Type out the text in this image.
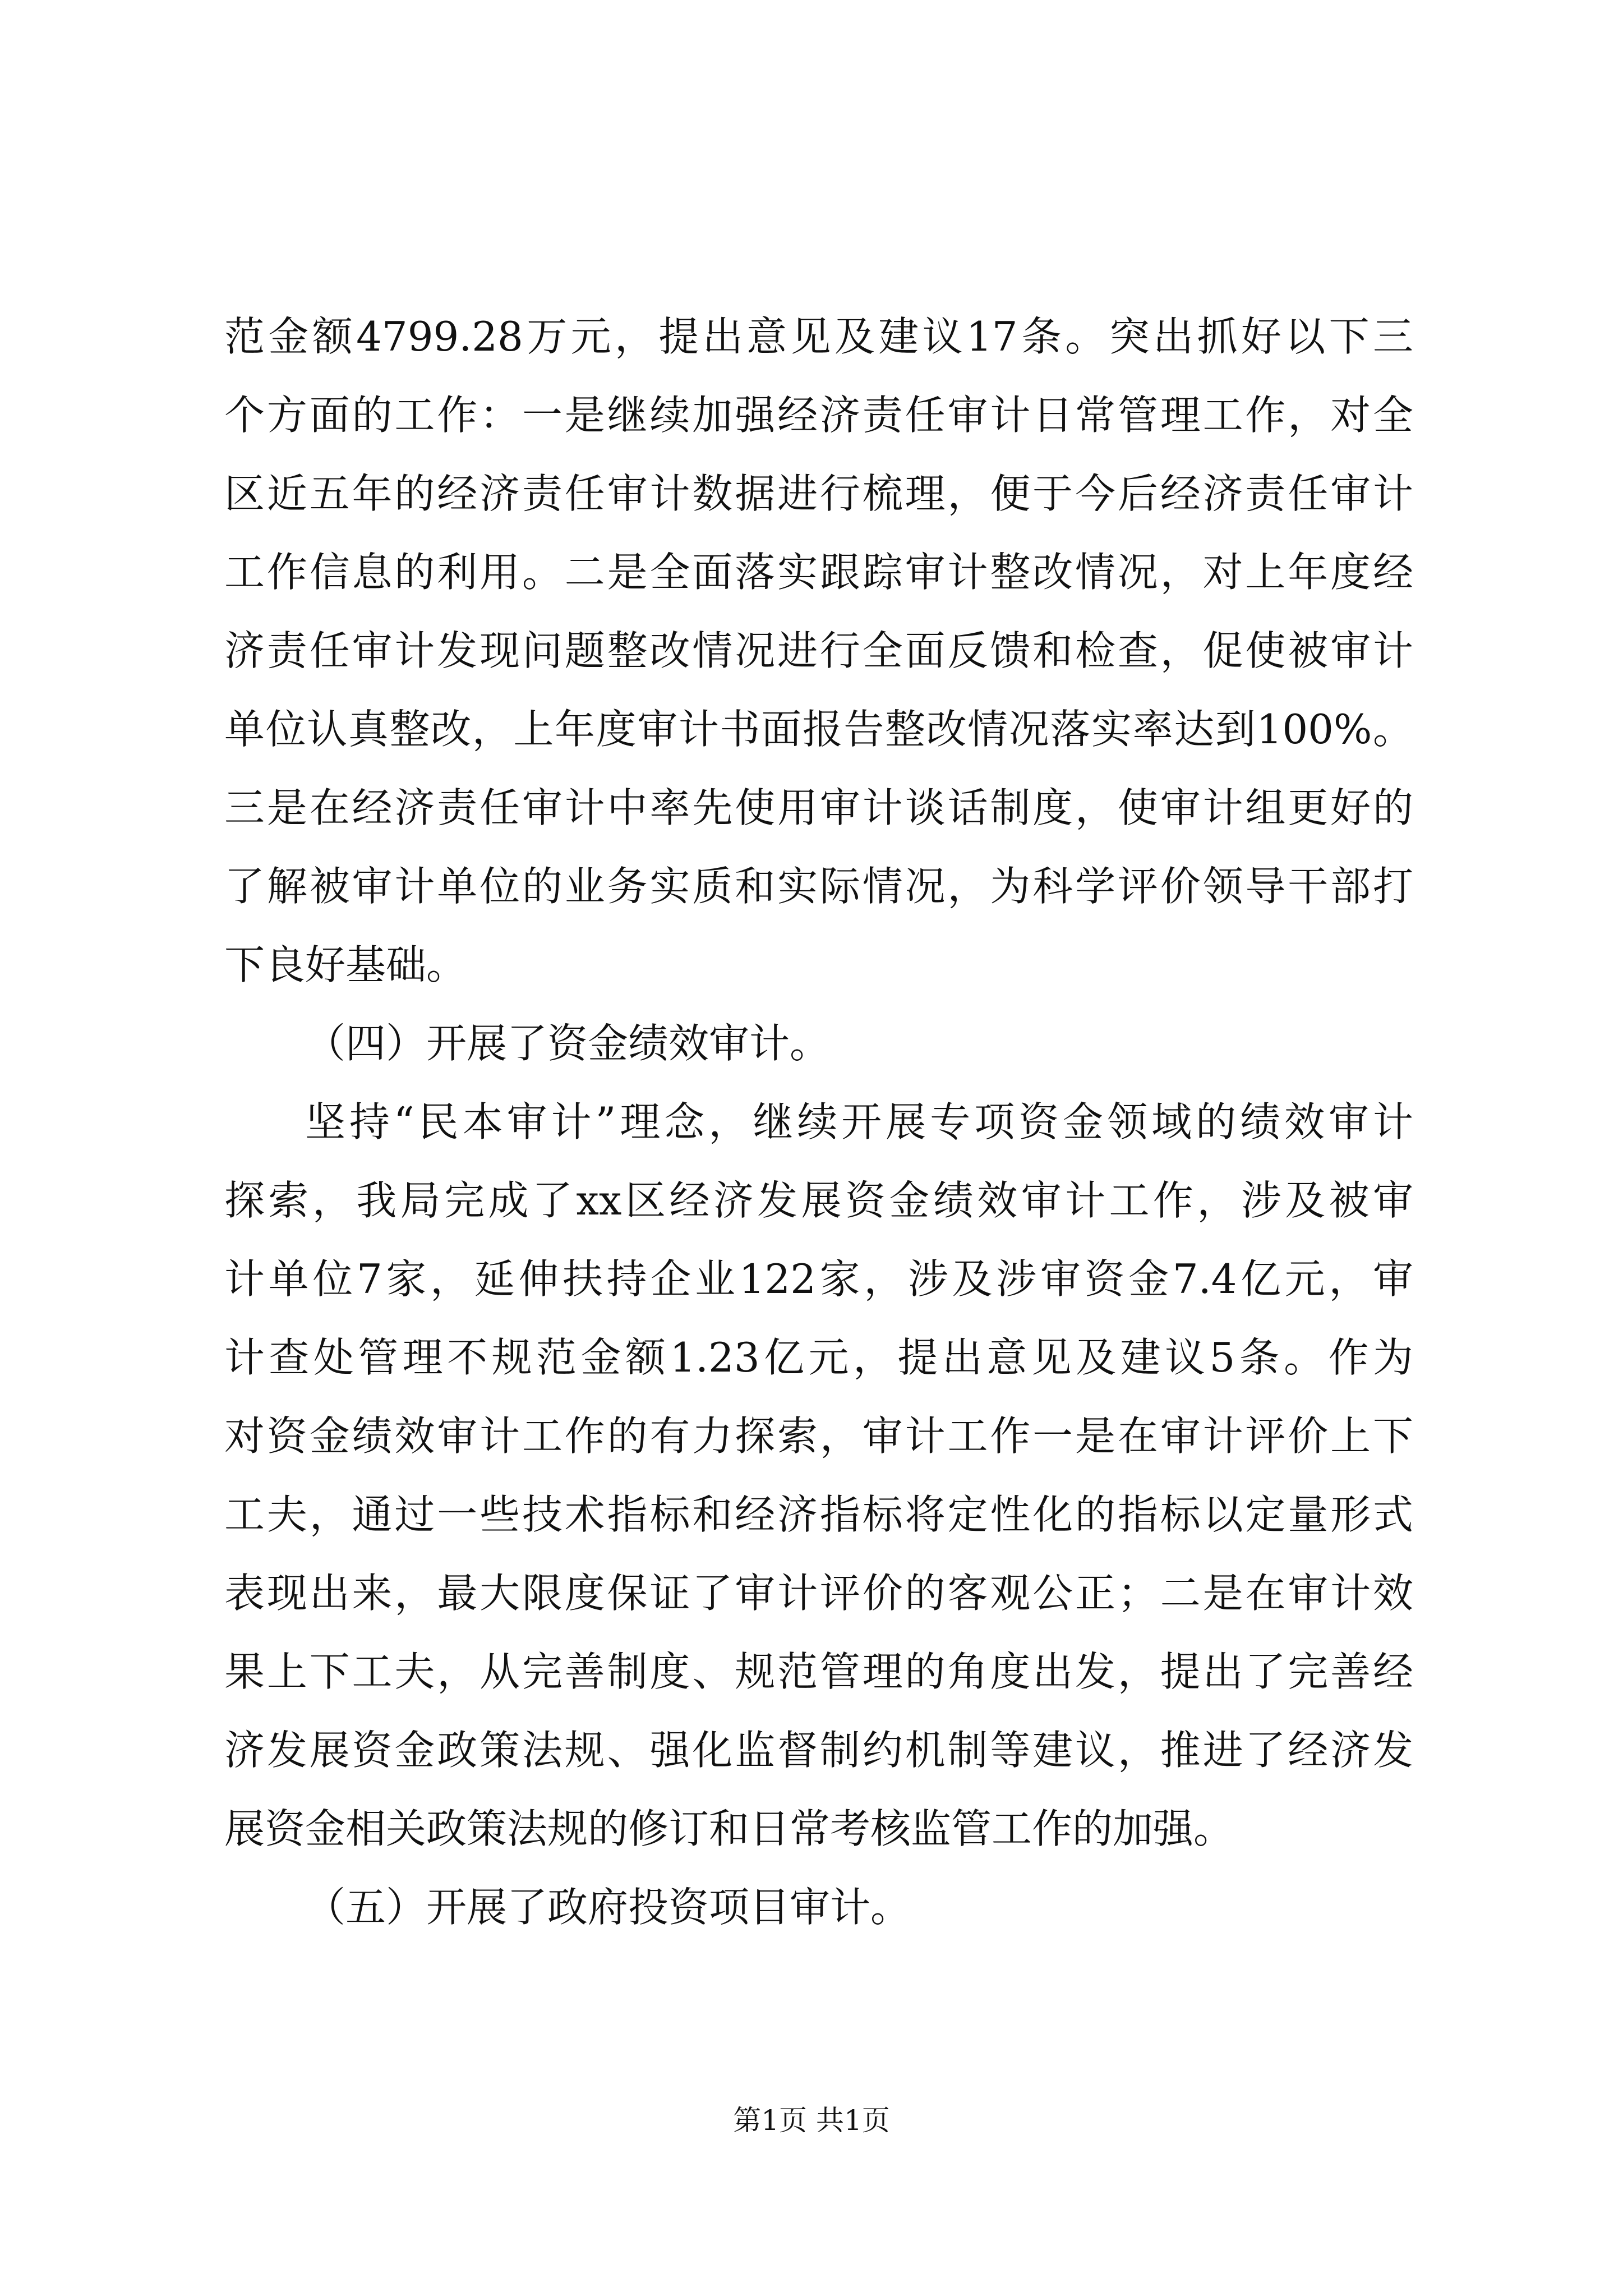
范金额4799.28万元，提出意见及建议17条。突出抓好以下三
个方面的工作：一是继续加强经济责任审计日常管理工作，对全
区近五年的经济责任审计数据进行梳理，便于今后经济责任审计
工作信息的利用。二是全面落实跟踪审计整改情况，对上年度经
济责任审计发现问题整改情况进行全面反馈和检查，促使被审计
单位认真整改，上年度审计书面报告整改情况落实率达到100%。
三是在经济责任审计中率先使用审计谈话制度，使审计组更好的
了解被审计单位的业务实质和实际情况，为科学评价领导干部打
下良好基础。
（四）开展了资金绩效审计。
坚持“民本审计”理念，继续开展专项资金领域的绩效审计
探索，我局完成了xx区经济发展资金绩效审计工作，涉及被审
计单位7家，延伸扶持企业122家，涉及涉审资金7.4亿元，审
计查处管理不规范金额1.23亿元，提出意见及建议5条。作为
对资金绩效审计工作的有力探索，审计工作一是在审计评价上下
工夫，通过一些技术指标和经济指标将定性化的指标以定量形式
表现出来，最大限度保证了审计评价的客观公正；二是在审计效
果上下工夫，从完善制度、规范管理的角度出发，提出了完善经
济发展资金政策法规、强化监督制约机制等建议，推进了经济发
展资金相关政策法规的修订和日常考核监管工作的加强。
（五）开展了政府投资项目审计。
第1页 共1页
